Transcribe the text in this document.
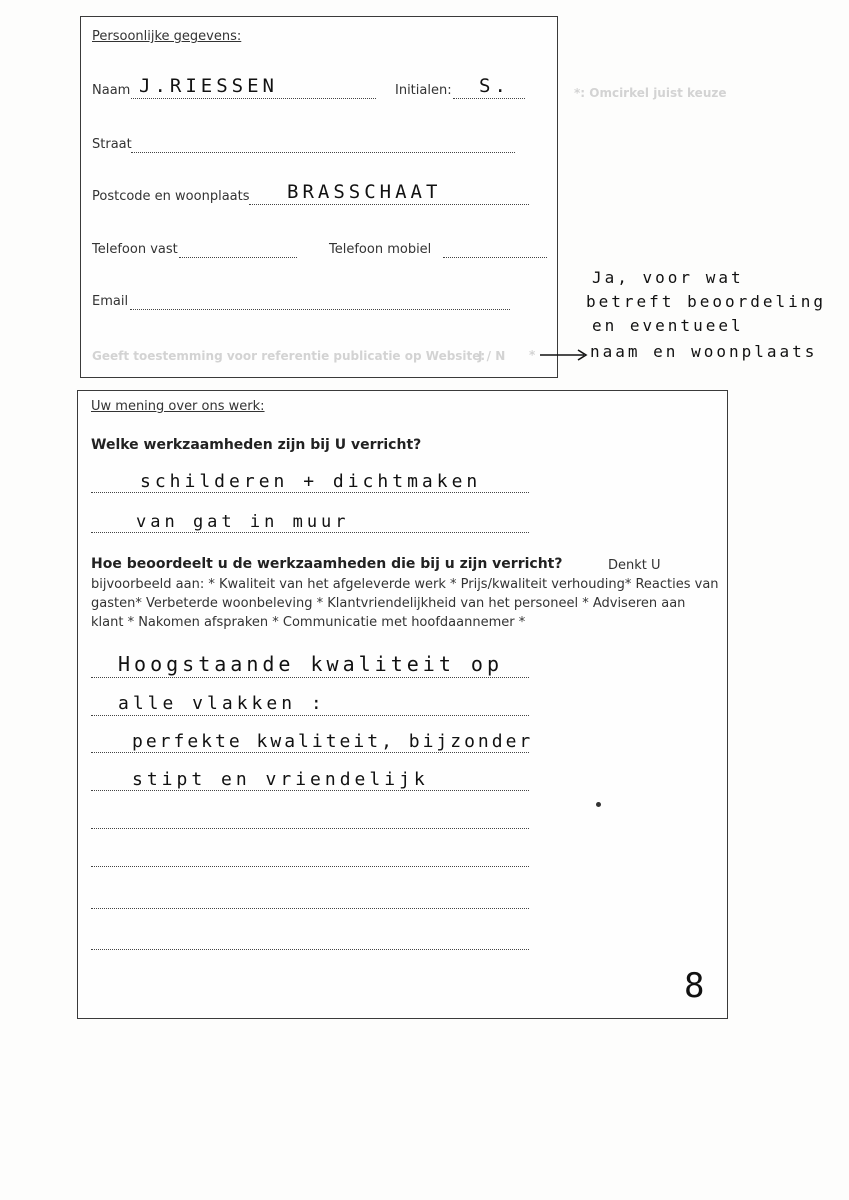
Persoonlijke gegevens:
Naam J.RIESSEN	Initialen: S.
Straat
Postcode en woonplaats BRASSCHAAT
Telefoon vast	Telefoon mobiel
Email
Geeft toestemming voor referentie publicatie op Website:
J / N *
*: Omcirkel juist keuze
Ja, voor wat
betreft beoordeling
en eventueel
naam en woonplaats
Uw mening over ons werk:
Welke werkzaamheden zijn bij U verricht?
schilderen + dichtmaken
van gat in muur
Hoe beoordeelt u de werkzaamheden die bij u zijn verricht?	Denkt U
bijvoorbeeld aan: * Kwaliteit van het afgeleverde werk * Prijs/kwaliteit verhouding* Reacties van gasten* Verbeterde woonbeleving * Klantvriendelijkheid van het personeel * Adviseren aan klant * Nakomen afspraken * Communicatie met hoofdaannemer *
Hoogstaande kwaliteit op
alle vlakken :
perfekte kwaliteit, bijzonder
stipt en vriendelijk
8
